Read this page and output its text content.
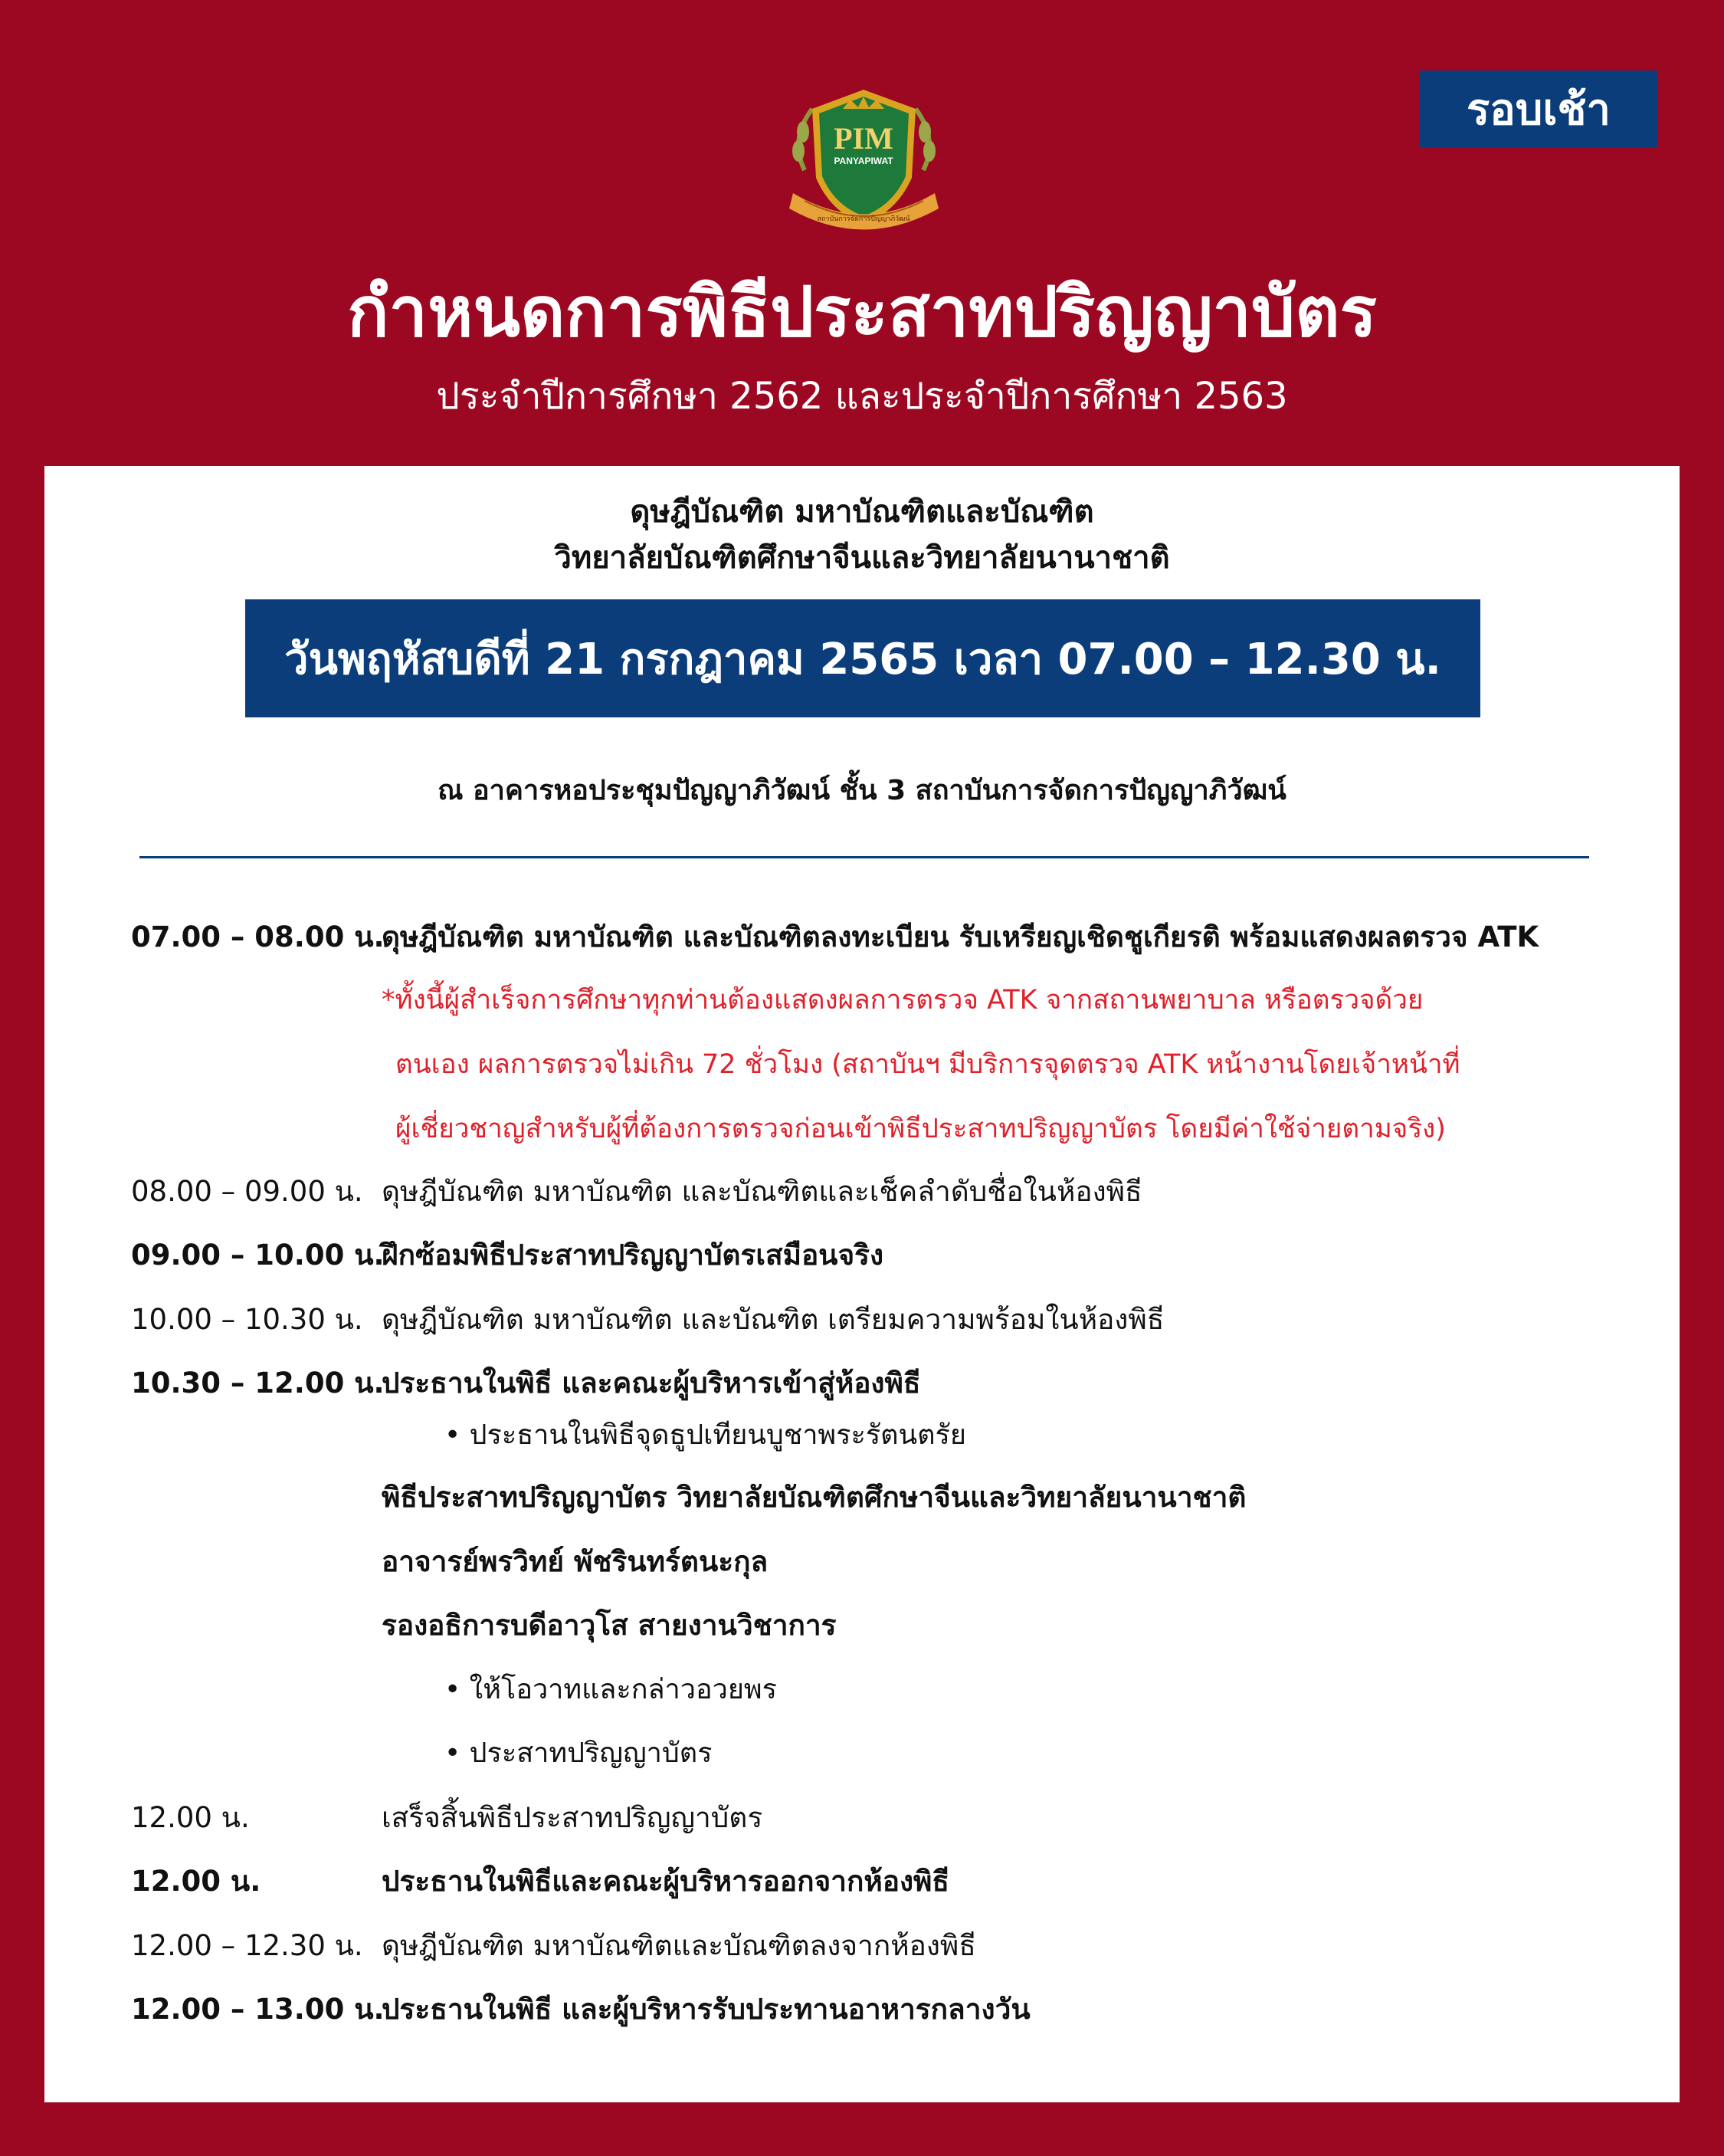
รอบเช้า
PIM
PANYAPIWAT
สถาบันการจัดการปัญญาภิวัฒน์
กำหนดการพิธีประสาทปริญญาบัตร
ประจำปีการศึกษา 2562 และประจำปีการศึกษา 2563
ดุษฎีบัณฑิต มหาบัณฑิตและบัณฑิต
วิทยาลัยบัณฑิตศึกษาจีนและวิทยาลัยนานาชาติ
วันพฤหัสบดีที่ 21 กรกฎาคม 2565 เวลา 07.00 – 12.30 น.
ณ อาคารหอประชุมปัญญาภิวัฒน์ ชั้น 3 สถาบันการจัดการปัญญาภิวัฒน์
07.00 – 08.00 น.
ดุษฎีบัณฑิต มหาบัณฑิต และบัณฑิตลงทะเบียน รับเหรียญเชิดชูเกียรติ พร้อมแสดงผลตรวจ ATK
*ทั้งนี้ผู้สำเร็จการศึกษาทุกท่านต้องแสดงผลการตรวจ ATK จากสถานพยาบาล หรือตรวจด้วย
ตนเอง ผลการตรวจไม่เกิน 72 ชั่วโมง (สถาบันฯ มีบริการจุดตรวจ ATK หน้างานโดยเจ้าหน้าที่
ผู้เชี่ยวชาญสำหรับผู้ที่ต้องการตรวจก่อนเข้าพิธีประสาทปริญญาบัตร โดยมีค่าใช้จ่ายตามจริง)
08.00 – 09.00 น. ดุษฎีบัณฑิต มหาบัณฑิต และบัณฑิตและเช็คลำดับชื่อในห้องพิธี
09.00 – 10.00 น.
ฝึกซ้อมพิธีประสาทปริญญาบัตรเสมือนจริง
10.00 – 10.30 น. ดุษฎีบัณฑิต มหาบัณฑิต และบัณฑิต เตรียมความพร้อมในห้องพิธี
10.30 – 12.00 น.
ประธานในพิธี และคณะผู้บริหารเข้าสู่ห้องพิธี
• ประธานในพิธีจุดธูปเทียนบูชาพระรัตนตรัย
พิธีประสาทปริญญาบัตร วิทยาลัยบัณฑิตศึกษาจีนและวิทยาลัยนานาชาติ
อาจารย์พรวิทย์ พัชรินทร์ตนะกุล
รองอธิการบดีอาวุโส สายงานวิชาการ
• ให้โอวาทและกล่าวอวยพร
• ประสาทปริญญาบัตร
12.00 น.	เสร็จสิ้นพิธีประสาทปริญญาบัตร
12.00 น.	ประธานในพิธีและคณะผู้บริหารออกจากห้องพิธี
12.00 – 12.30 น. ดุษฎีบัณฑิต มหาบัณฑิตและบัณฑิตลงจากห้องพิธี
12.00 – 13.00 น.
ประธานในพิธี และผู้บริหารรับประทานอาหารกลางวัน
